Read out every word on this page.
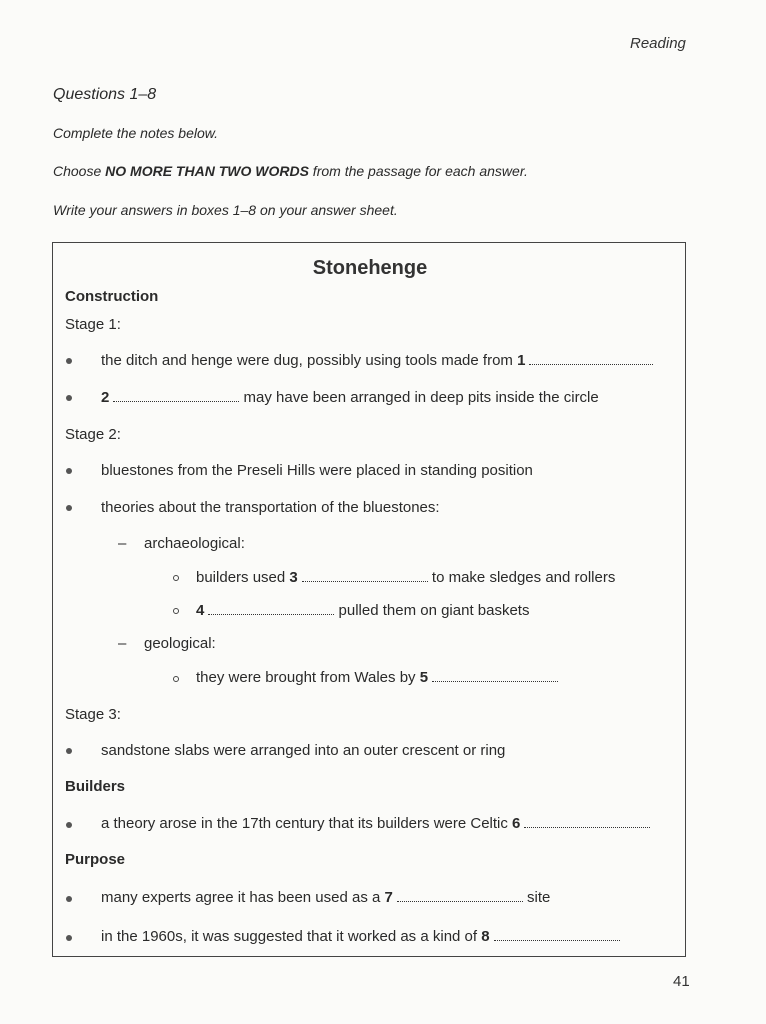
Reading
Questions 1–8
Complete the notes below.
Choose NO MORE THAN TWO WORDS from the passage for each answer.
Write your answers in boxes 1–8 on your answer sheet.
Stonehenge
Construction
Stage 1:
the ditch and henge were dug, possibly using tools made from 1
2	may have been arranged in deep pits inside the circle
Stage 2:
bluestones from the Preseli Hills were placed in standing position
theories about the transportation of the bluestones:
– archaeological:
builders used 3	to make sledges and rollers
4	pulled them on giant baskets
– geological:
they were brought from Wales by 5
Stage 3:
sandstone slabs were arranged into an outer crescent or ring
Builders
a theory arose in the 17th century that its builders were Celtic 6
Purpose
many experts agree it has been used as a 7	site
in the 1960s, it was suggested that it worked as a kind of 8
41
